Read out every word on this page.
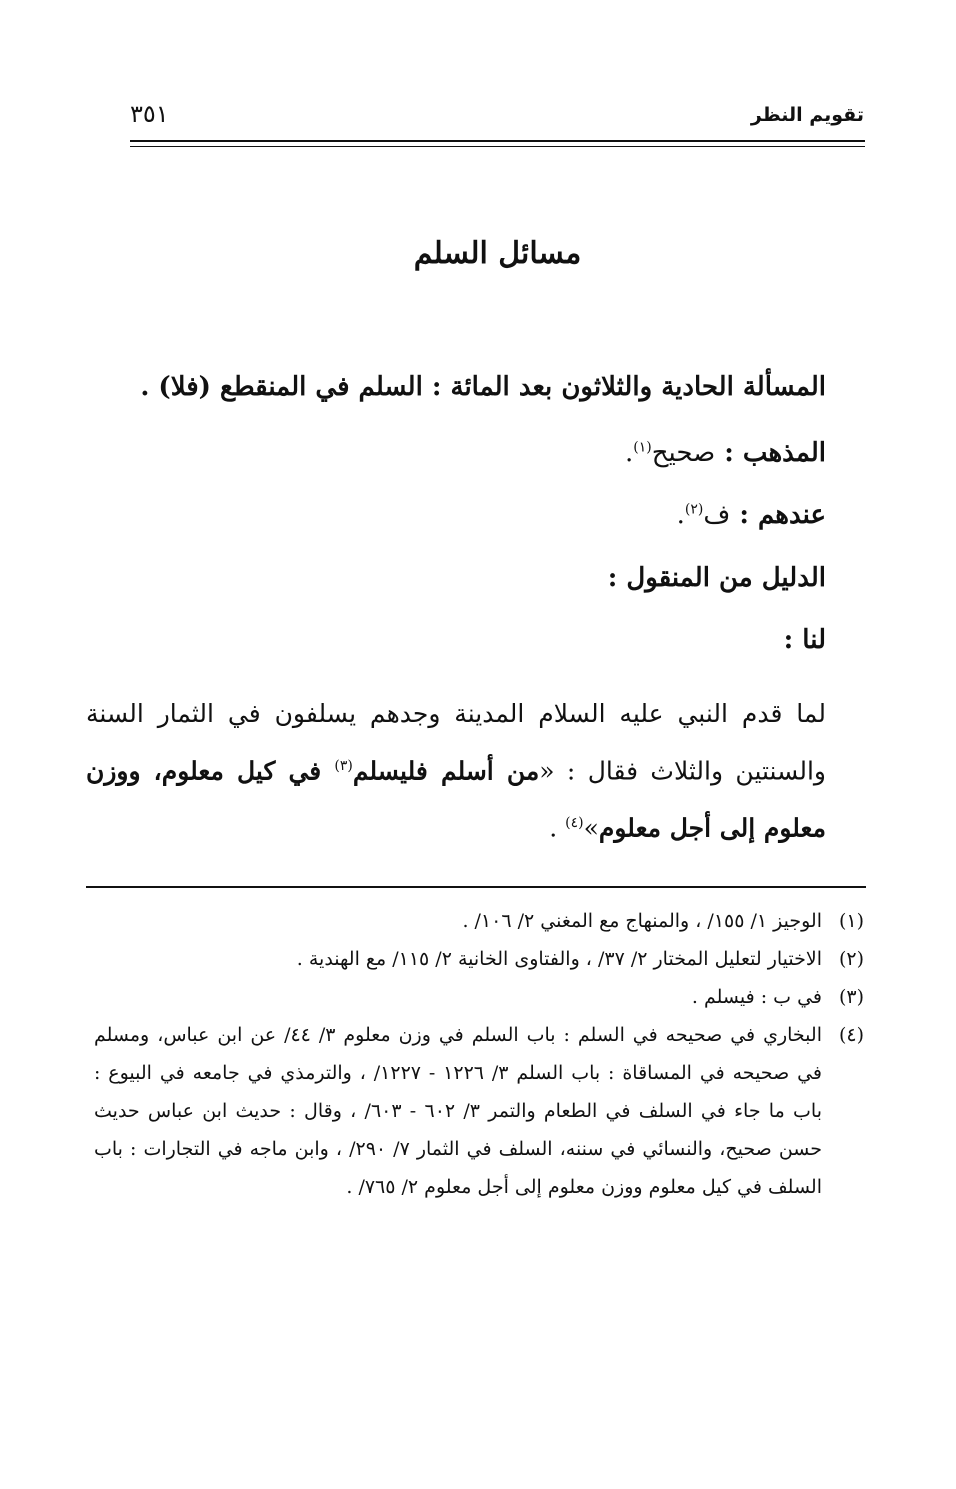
تقويم النظر
٣٥١
مسائل السلم
المسألة الحادية والثلاثون بعد المائة : السلم في المنقطع (فلا) .
المذهب : صحيح$^{(١)}$.
عندهم : ف$^{(٢)}$.
الدليل من المنقول :
لنا :
لما قدم النبي عليه السلام المدينة وجدهم يسلفون في الثمار السنة والسنتين والثلاث فقال : «من أسلم فليسلم$^{(٣)}$ في كيل معلوم، ووزن معلوم إلى أجل معلوم»$^{(٤)}$ .
(١)
الوجيز ١/ ١٥٥/ ، والمنهاج مع المغني ٢/ ١٠٦/ .
(٢)
الاختيار لتعليل المختار ٢/ ٣٧/ ، والفتاوى الخانية ٢/ ١١٥/ مع الهندية .
(٣)
في ب : فيسلم .
(٤)
البخاري في صحيحه في السلم : باب السلم في وزن معلوم ٣/ ٤٤/ عن ابن عباس، ومسلم في صحيحه في المساقاة : باب السلم ٣/ ١٢٢٦ - ١٢٢٧/ ، والترمذي في جامعه في البيوع : باب ما جاء في السلف في الطعام والتمر ٣/ ٦٠٢ - ٦٠٣/ ، وقال : حديث ابن عباس حديث حسن صحيح، والنسائي في سننه، السلف في الثمار ٧/ ٢٩٠/ ، وابن ماجه في التجارات : باب السلف في كيل معلوم ووزن معلوم إلى أجل معلوم ٢/ ٧٦٥/ .
